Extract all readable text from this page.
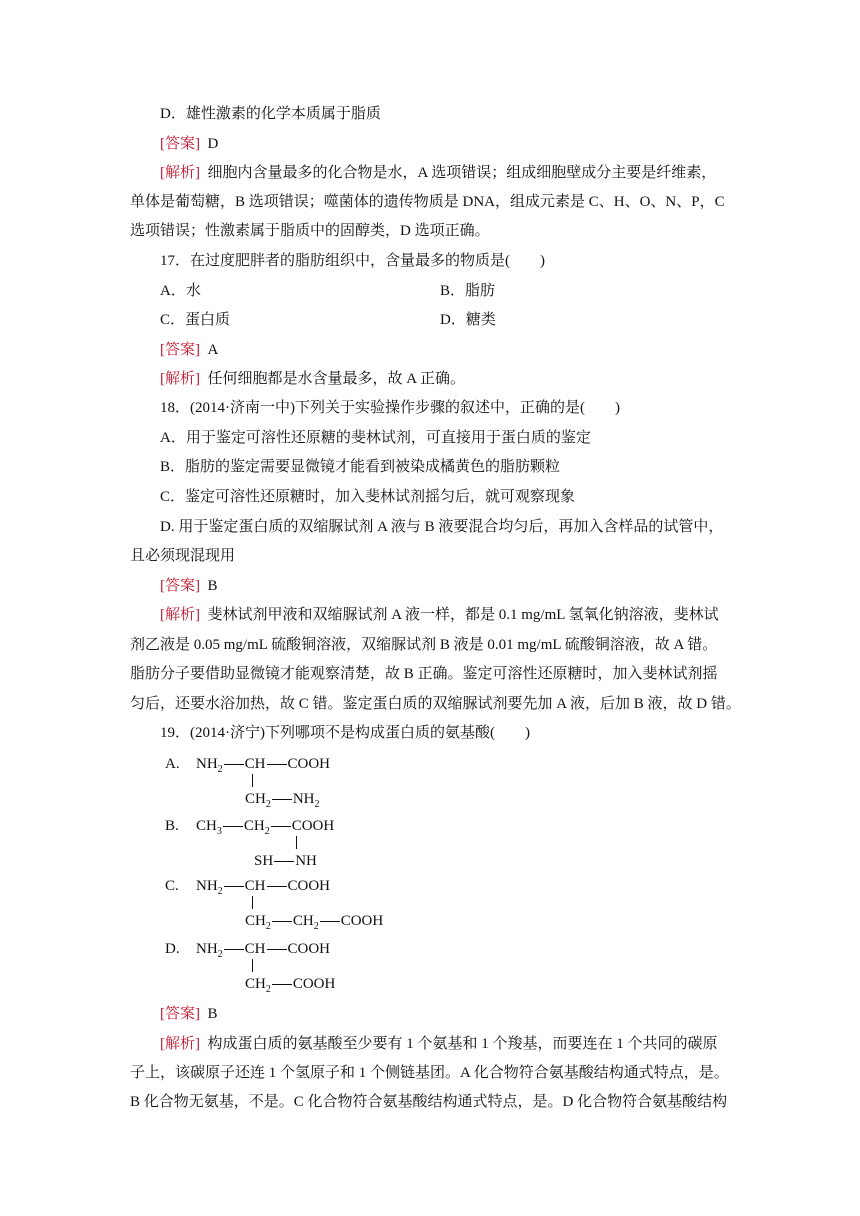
D．雄性激素的化学本质属于脂质
[答案] D
[解析] 细胞内含量最多的化合物是水，A 选项错误；组成细胞壁成分主要是纤维素，
单体是葡萄糖，B 选项错误；噬菌体的遗传物质是 DNA，组成元素是 C、H、O、N、P，C
选项错误；性激素属于脂质中的固醇类，D 选项正确。
17．在过度肥胖者的脂肪组织中，含量最多的物质是(　　)
A．水	B．脂肪
C．蛋白质	D．糖类
[答案] A
[解析] 任何细胞都是水含量最多，故 A 正确。
18．(2014·济南一中)下列关于实验操作步骤的叙述中，正确的是(　　)
A．用于鉴定可溶性还原糖的斐林试剂，可直接用于蛋白质的鉴定
B．脂肪的鉴定需要显微镜才能看到被染成橘黄色的脂肪颗粒
C．鉴定可溶性还原糖时，加入斐林试剂摇匀后，就可观察现象
D. 用于鉴定蛋白质的双缩脲试剂 A 液与 B 液要混合均匀后，再加入含样品的试管中，
且必须现混现用
[答案] B
[解析] 斐林试剂甲液和双缩脲试剂 A 液一样，都是 0.1 mg/mL 氢氧化钠溶液，斐林试
剂乙液是 0.05 mg/mL 硫酸铜溶液，双缩脲试剂 B 液是 0.01 mg/mL 硫酸铜溶液，故 A 错。
脂肪分子要借助显微镜才能观察清楚，故 B 正确。鉴定可溶性还原糖时，加入斐林试剂摇
匀后，还要水浴加热，故 C 错。鉴定蛋白质的双缩脲试剂要先加 A 液，后加 B 液，故 D 错。
19．(2014·济宁)下列哪项不是构成蛋白质的氨基酸(　　)
A. $NH_2$ CH COOH
$CH_2$ $NH_2$
B. $CH_3$ $CH_2$ COOH
SH NH
C. $NH_2$ CH COOH
$CH_2$ $CH_2$ COOH
D. $NH_2$ CH COOH
$CH_2$ COOH
[答案] B
[解析] 构成蛋白质的氨基酸至少要有 1 个氨基和 1 个羧基，而要连在 1 个共同的碳原
子上，该碳原子还连 1 个氢原子和 1 个侧链基团。A 化合物符合氨基酸结构通式特点，是。
B 化合物无氨基，不是。C 化合物符合氨基酸结构通式特点，是。D 化合物符合氨基酸结构
